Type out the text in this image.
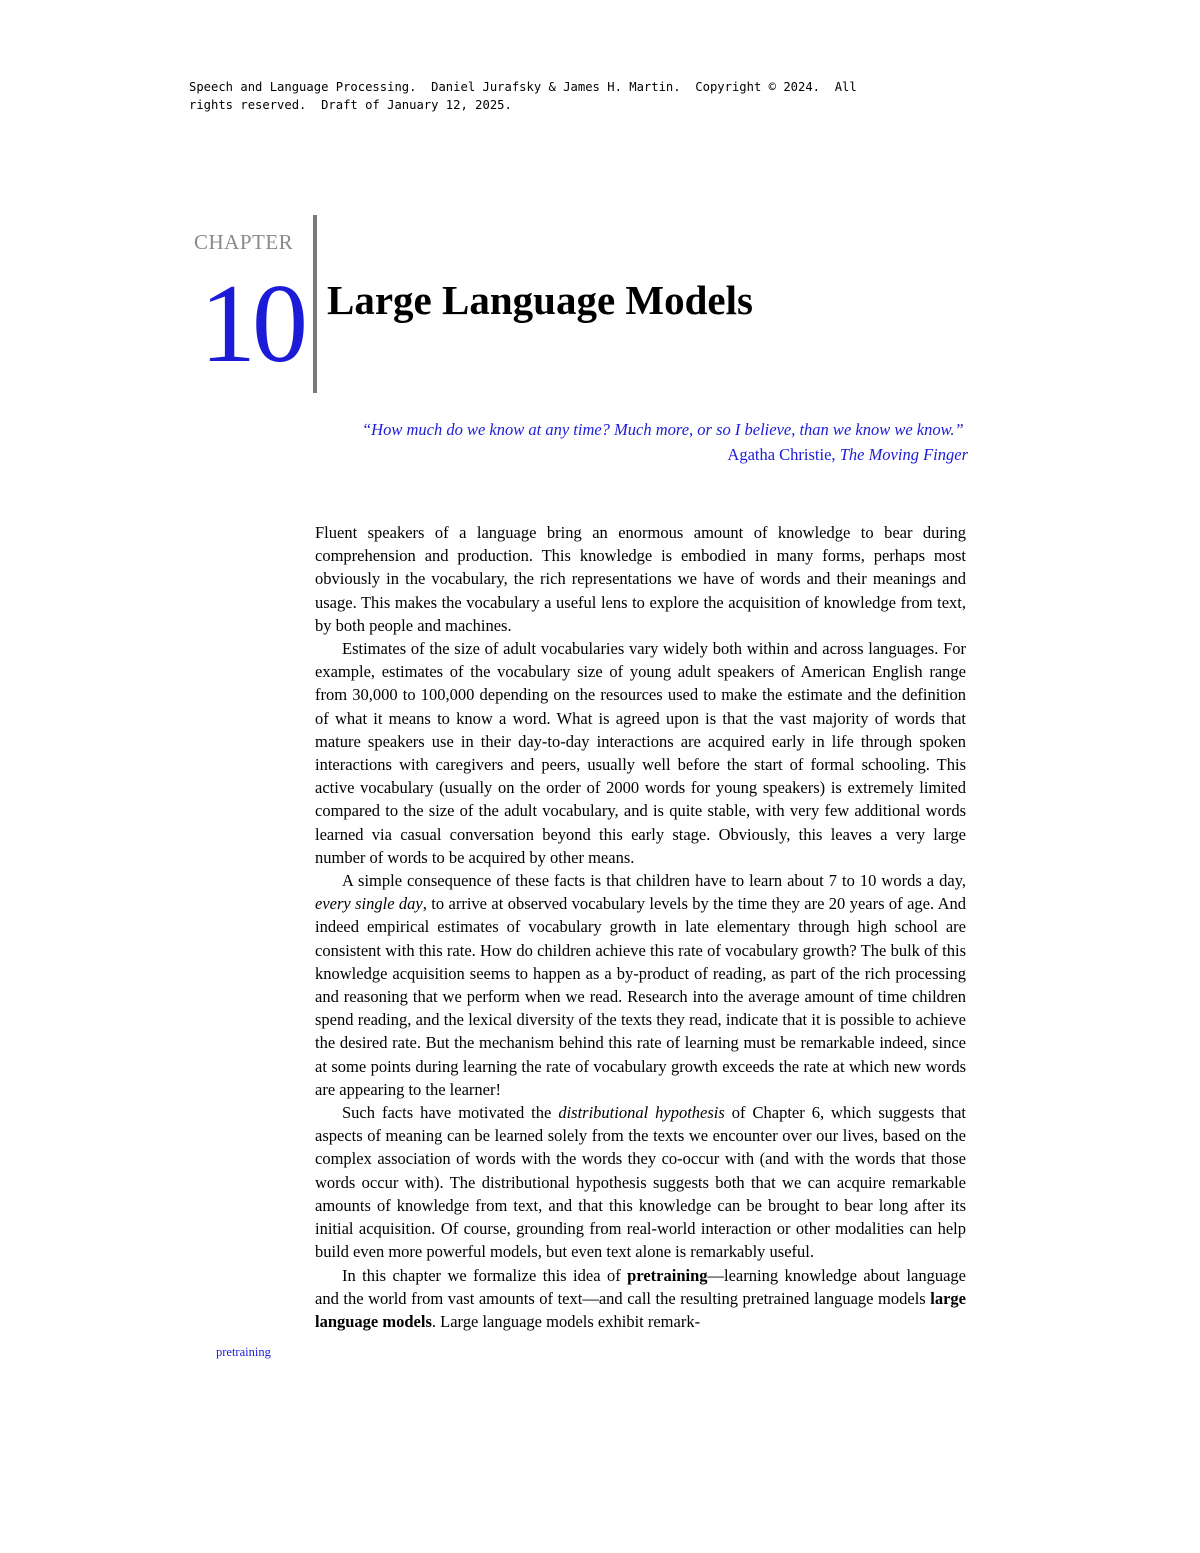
Speech and Language Processing.  Daniel Jurafsky & James H. Martin.  Copyright © 2024.  All
rights reserved.  Draft of January 12, 2025.
CHAPTER
10 Large Language Models

“How much do we know at any time? Much more, or so I believe, than we know we know.”

Agatha Christie, The Moving Finger

pretraining

Fluent speakers of a language bring an enormous amount of knowledge to bear during comprehension and production. This knowledge is embodied in many forms, perhaps most obviously in the vocabulary, the rich representations we have of words and their meanings and usage. This makes the vocabulary a useful lens to explore the acquisition of knowledge from text, by both people and machines.

Estimates of the size of adult vocabularies vary widely both within and across languages. For example, estimates of the vocabulary size of young adult speakers of American English range from 30,000 to 100,000 depending on the resources used to make the estimate and the definition of what it means to know a word. What is agreed upon is that the vast majority of words that mature speakers use in their day-to-day interactions are acquired early in life through spoken interactions with caregivers and peers, usually well before the start of formal schooling. This active vocabulary (usually on the order of 2000 words for young speakers) is extremely limited compared to the size of the adult vocabulary, and is quite stable, with very few additional words learned via casual conversation beyond this early stage. Obviously, this leaves a very large number of words to be acquired by other means.

A simple consequence of these facts is that children have to learn about 7 to 10 words a day, every single day, to arrive at observed vocabulary levels by the time they are 20 years of age. And indeed empirical estimates of vocabulary growth in late elementary through high school are consistent with this rate. How do children achieve this rate of vocabulary growth? The bulk of this knowledge acquisition seems to happen as a by-product of reading, as part of the rich processing and reasoning that we perform when we read. Research into the average amount of time children spend reading, and the lexical diversity of the texts they read, indicate that it is possible to achieve the desired rate. But the mechanism behind this rate of learning must be remarkable indeed, since at some points during learning the rate of vocabulary growth exceeds the rate at which new words are appearing to the learner!

Such facts have motivated the distributional hypothesis of Chapter 6, which suggests that aspects of meaning can be learned solely from the texts we encounter over our lives, based on the complex association of words with the words they co-occur with (and with the words that those words occur with). The distributional hypothesis suggests both that we can acquire remarkable amounts of knowledge from text, and that this knowledge can be brought to bear long after its initial acquisition. Of course, grounding from real-world interaction or other modalities can help build even more powerful models, but even text alone is remarkably useful.

In this chapter we formalize this idea of pretraining—learning knowledge about language and the world from vast amounts of text—and call the resulting pretrained language models large language models. Large language models exhibit remark-
